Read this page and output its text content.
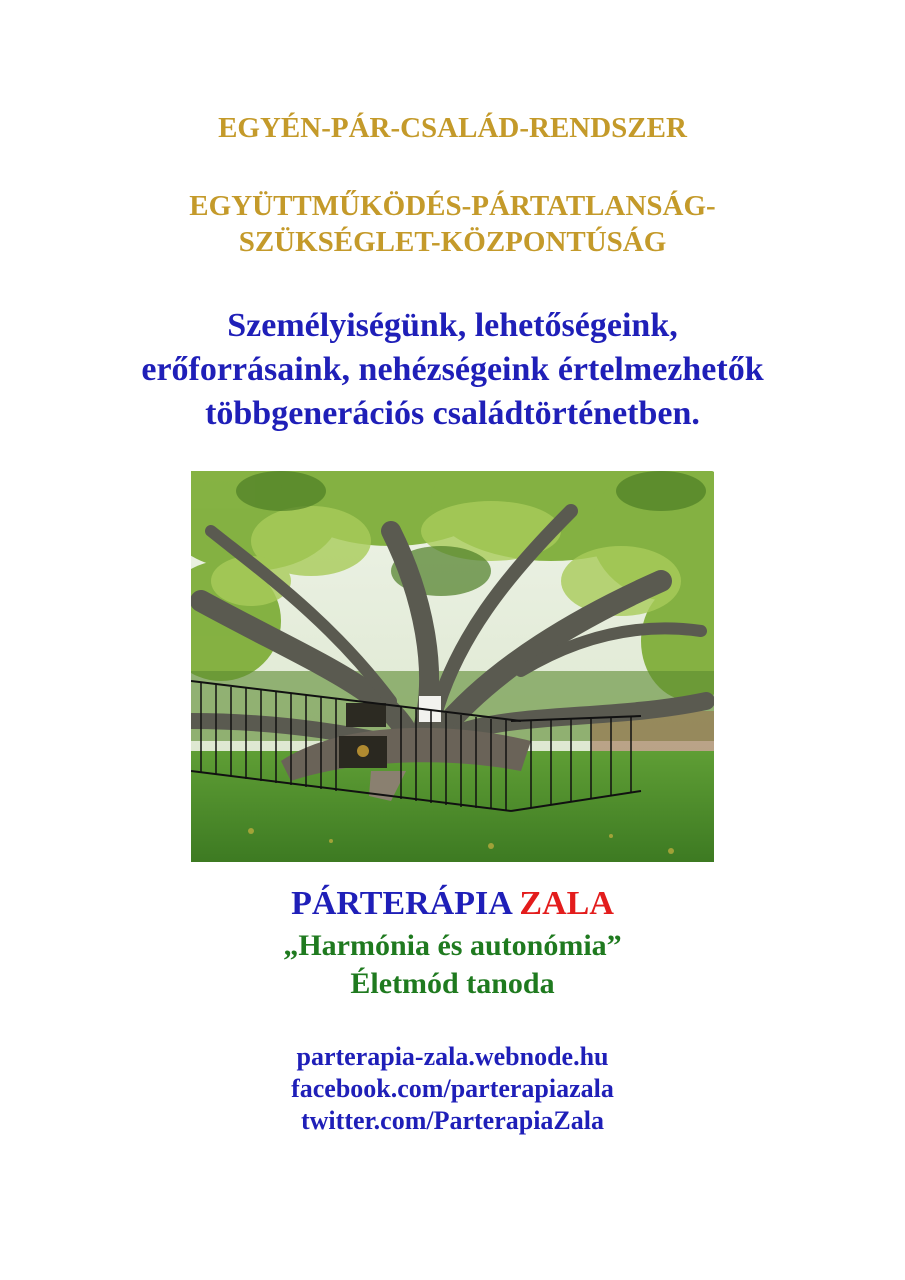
EGYÉN-PÁR-CSALÁD-RENDSZER
EGYÜTTMŰKÖDÉS-PÁRTATLANSÁG-
SZÜKSÉGLET-KÖZPONTÚSÁG
Személyiségünk, lehetőségeink,
erőforrásaink, nehézségeink értelmezhetők
többgenerációs családtörténetben.
PÁRTERÁPIA ZALA
„Harmónia és autonómia”
Életmód tanoda
parterapia-zala.webnode.hu
facebook.com/parterapiazala
twitter.com/ParterapiaZala
